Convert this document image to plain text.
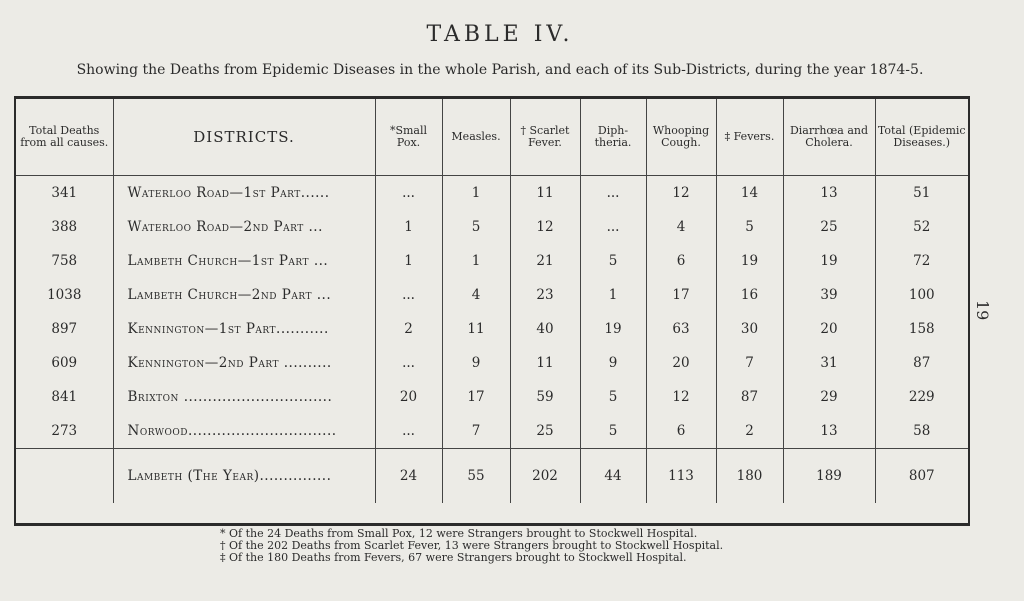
TABLE IV.
Showing the Deaths from Epidemic Diseases in the whole Parish, and each of its Sub-Districts, during the year 1874-5.
19
Total Deaths from all causes.	DISTRICTS.	*Small Pox.	Measles.	† Scarlet Fever.	Diph- theria.	Whooping Cough.	‡ Fevers.	Diarrhœa and Cholera.	Total (Epidemic Diseases.)
341	Waterloo Road—1st Part......	...	1	11	...	12	14	13	51
388	Waterloo Road—2nd Part ...	1	5	12	...	4	5	25	52
758	Lambeth Church—1st Part ...	1	1	21	5	6	19	19	72
1038	Lambeth Church—2nd Part ...	...	4	23	1	17	16	39	100
897	Kennington—1st Part...........	2	11	40	19	63	30	20	158
609	Kennington—2nd Part ..........	...	9	11	9	20	7	31	87
841	Brixton ...............................	20	17	59	5	12	87	29	229
273	Norwood...............................	...	7	25	5	6	2	13	58
	Lambeth (The Year)...............	24	55	202	44	113	180	189	807
* Of the 24 Deaths from Small Pox, 12 were Strangers brought to Stockwell Hospital.
† Of the 202 Deaths from Scarlet Fever, 13 were Strangers brought to Stockwell Hospital.
‡ Of the 180 Deaths from Fevers, 67 were Strangers brought to Stockwell Hospital.
